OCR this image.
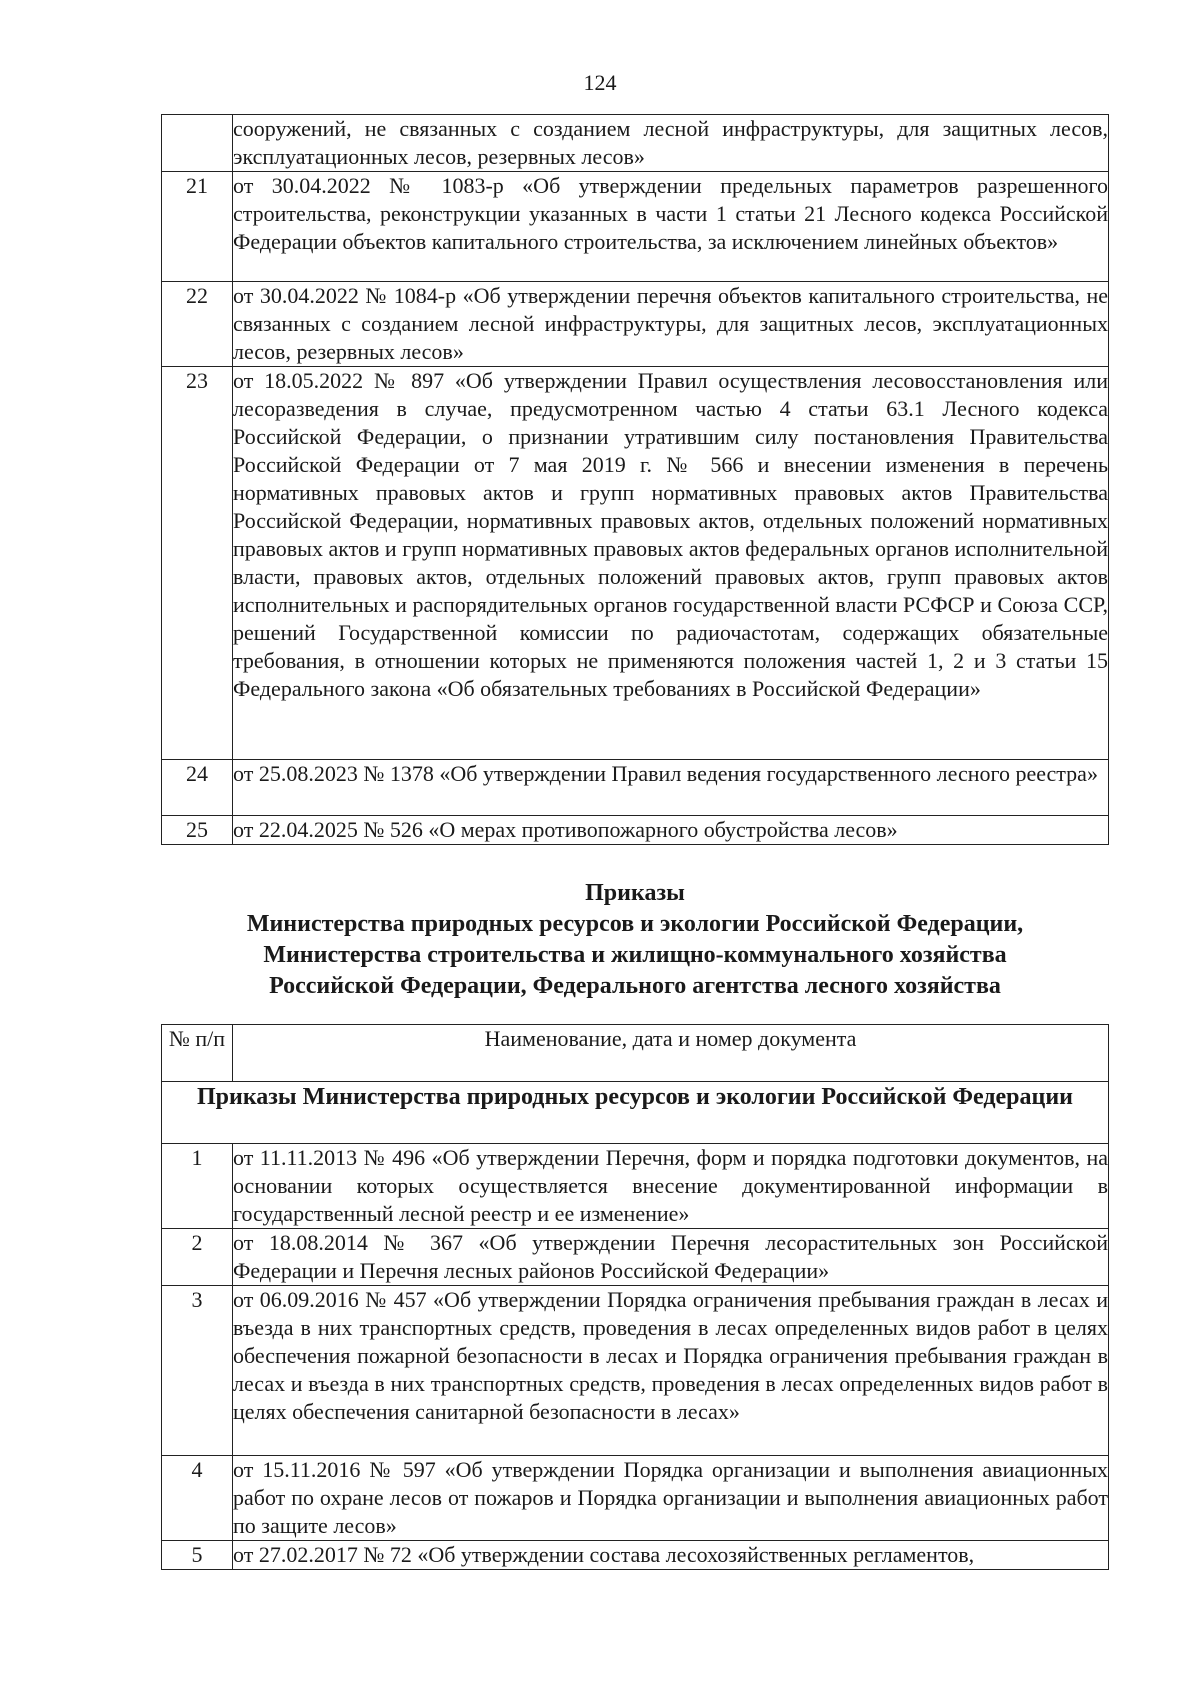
124
	сооружений, не связанных с созданием лесной инфраструктуры, для защитных лесов, эксплуатационных лесов, резервных лесов»
21	от 30.04.2022 № 1083-р «Об утверждении предельных параметров разрешенного строительства, реконструкции указанных в части 1 статьи 21 Лесного кодекса Российской Федерации объектов капитального строительства, за исключением линейных объектов»
22	от 30.04.2022 № 1084-р «Об утверждении перечня объектов капитального строительства, не связанных с созданием лесной инфраструктуры, для защитных лесов, эксплуатационных лесов, резервных лесов»
23	от 18.05.2022 № 897 «Об утверждении Правил осуществления лесовосстановления или лесоразведения в случае, предусмотренном частью 4 статьи 63.1 Лесного кодекса Российской Федерации, о признании утратившим силу постановления Правительства Российской Федерации от 7 мая 2019 г. № 566 и внесении изменения в перечень нормативных правовых актов и групп нормативных правовых актов Правительства Российской Федерации, нормативных правовых актов, отдельных положений нормативных правовых актов и групп нормативных правовых актов федеральных органов исполнительной власти, правовых актов, отдельных положений правовых актов, групп правовых актов исполнительных и распорядительных органов государственной власти РСФСР и Союза ССР, решений Государственной комиссии по радиочастотам, содержащих обязательные требования, в отношении которых не применяются положения частей 1, 2 и 3 статьи 15 Федерального закона «Об обязательных требованиях в Российской Федерации»
24	от 25.08.2023 № 1378 «Об утверждении Правил ведения государственного лесного реестра»
25	от 22.04.2025 № 526 «О мерах противопожарного обустройства лесов»
Приказы
Министерства природных ресурсов и экологии Российской Федерации,
Министерства строительства и жилищно-коммунального хозяйства
Российской Федерации, Федерального агентства лесного хозяйства
№ п/п	Наименование, дата и номер документа
Приказы Министерства природных ресурсов и экологии Российской Федерации	
1	от 11.11.2013 № 496 «Об утверждении Перечня, форм и порядка подготовки документов, на основании которых осуществляется внесение документированной информации в государственный лесной реестр и ее изменение»
2	от 18.08.2014 № 367 «Об утверждении Перечня лесорастительных зон Российской Федерации и Перечня лесных районов Российской Федерации»
3	от 06.09.2016 № 457 «Об утверждении Порядка ограничения пребывания граждан в лесах и въезда в них транспортных средств, проведения в лесах определенных видов работ в целях обеспечения пожарной безопасности в лесах и Порядка ограничения пребывания граждан в лесах и въезда в них транспортных средств, проведения в лесах определенных видов работ в целях обеспечения санитарной безопасности в лесах»
4	от 15.11.2016 № 597 «Об утверждении Порядка организации и выполнения авиационных работ по охране лесов от пожаров и Порядка организации и выполнения авиационных работ по защите лесов»
5	от 27.02.2017 № 72 «Об утверждении состава лесохозяйственных регламентов,
